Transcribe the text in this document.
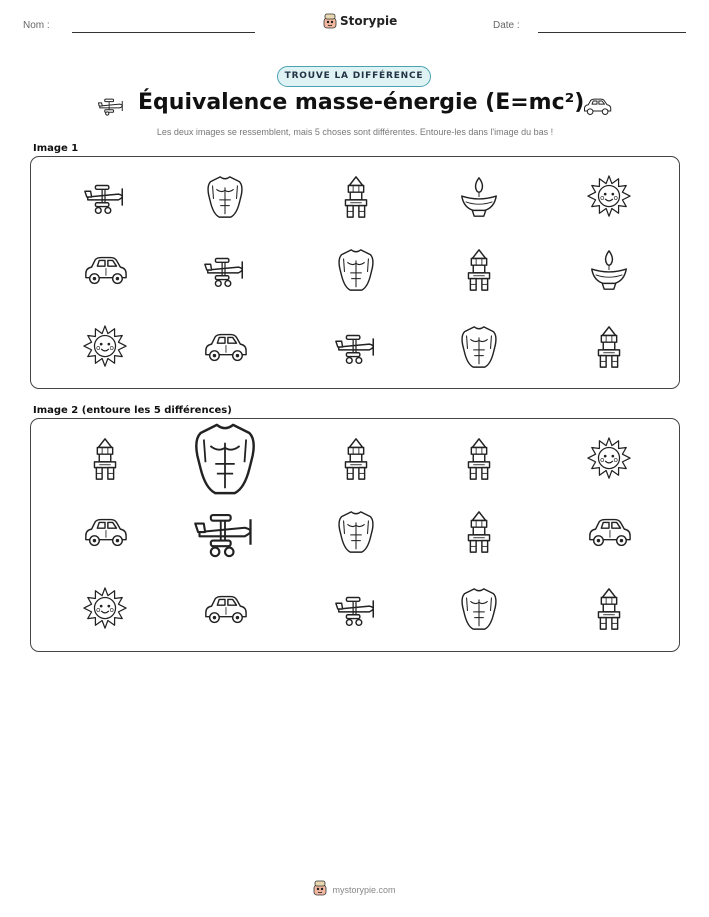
Nom :	Storypie	Date :
TROUVE LA DIFFÉRENCE
Équivalence masse-énergie (E=mc²)
Les deux images se ressemblent, mais 5 choses sont différentes. Entoure-les dans l'image du bas !
Image 1
Image 2 (entoure les 5 différences)
mystorypie.com
